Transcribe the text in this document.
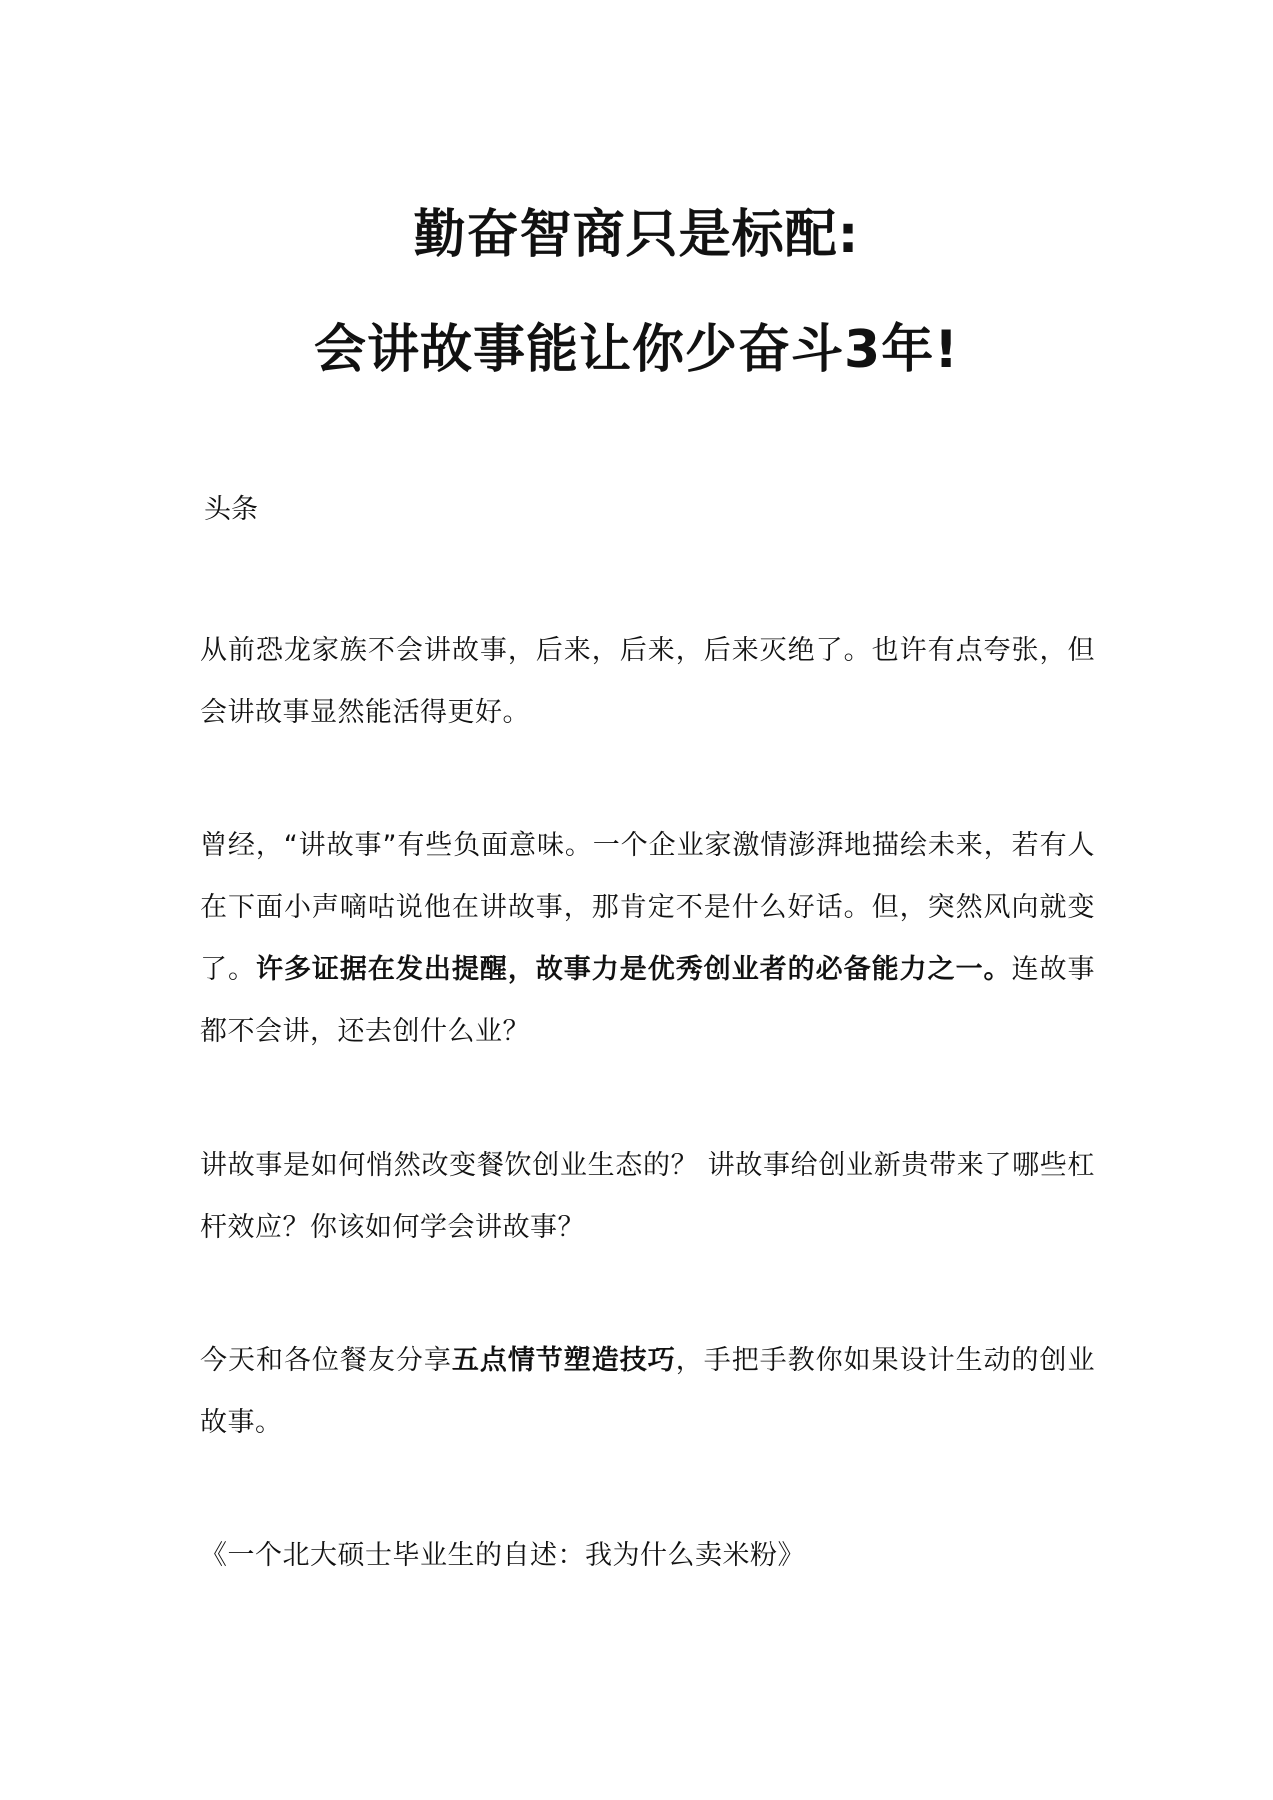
勤奋智商只是标配:
会讲故事能让你少奋斗3年!

头条

从前恐龙家族不会讲故事，后来，后来，后来灭绝了。也许有点夸张，但会讲故事显然能活得更好。

曾经，“讲故事”有些负面意味。一个企业家激情澎湃地描绘未来，若有人在下面小声嘀咕说他在讲故事，那肯定不是什么好话。但，突然风向就变了。许多证据在发出提醒，故事力是优秀创业者的必备能力之一。连故事都不会讲，还去创什么业？

讲故事是如何悄然改变餐饮创业生态的？ 讲故事给创业新贵带来了哪些杠杆效应？你该如何学会讲故事？

今天和各位餐友分享五点情节塑造技巧，手把手教你如果设计生动的创业故事。

《一个北大硕士毕业生的自述：我为什么卖米粉》
